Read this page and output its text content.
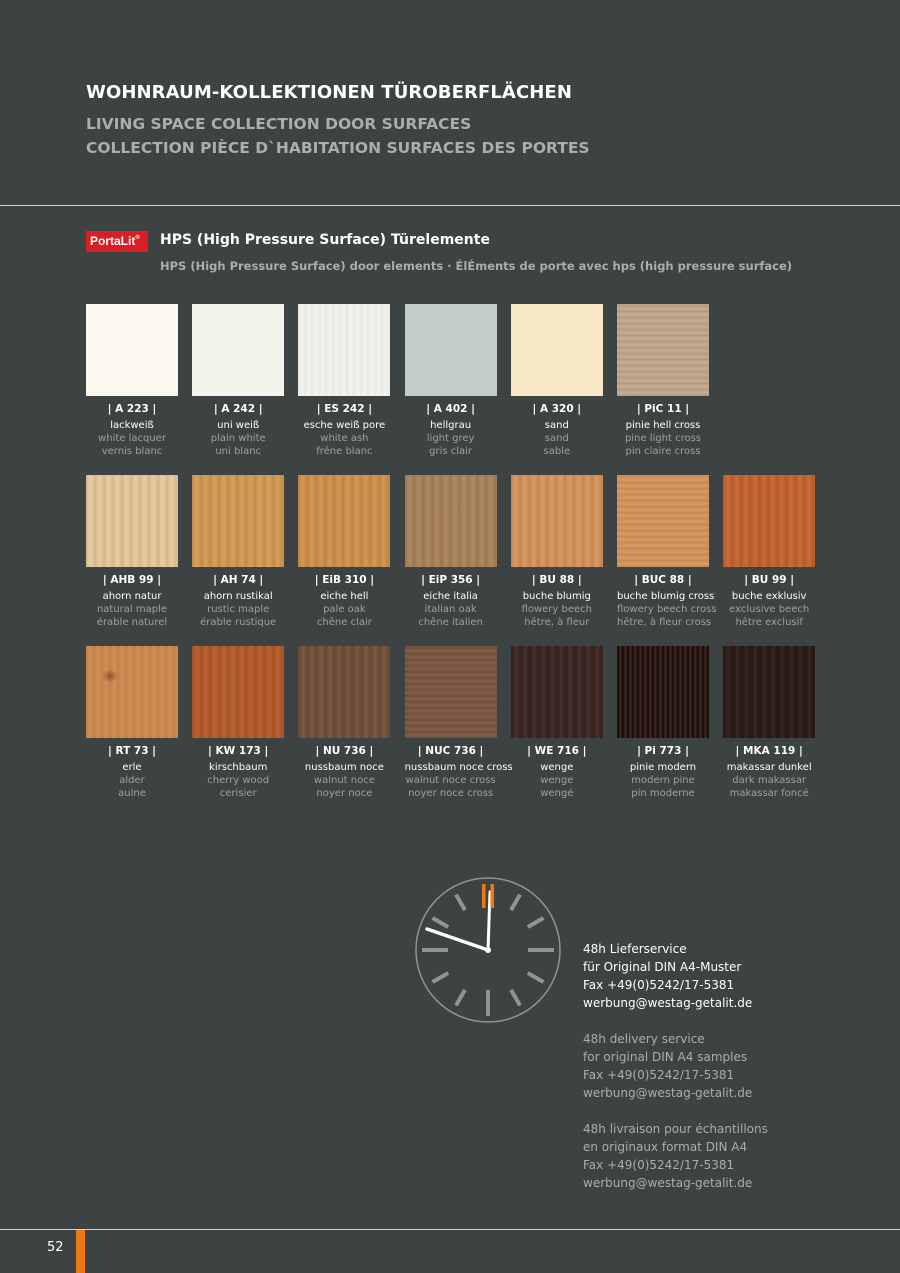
WOHNRAUM-KOLLEKTIONEN TÜROBERFLÄCHEN
LIVING SPACE COLLECTION DOOR SURFACES
COLLECTION PIÈCE D`HABITATION SURFACES DES PORTES
PortaLit®	HPS (High Pressure Surface) Türelemente
HPS (High Pressure Surface) door elements · ÉlÉments de porte avec hps (high pressure surface)
| A 223 |
lackweiß
white lacquer
vernis blanc
| A 242 |
uni weiß
plain white
uni blanc
| ES 242 |
esche weiß pore
white ash
frêne blanc
| A 402 |
hellgrau
light grey
gris clair
| A 320 |
sand
sand
sable
| PiC 11 |
pinie hell cross
pine light cross
pin claire cross
| AHB 99 |
ahorn natur
natural maple
érable naturel
| AH 74 |
ahorn rustikal
rustic maple
érable rustique
| EiB 310 |
eiche hell
pale oak
chêne clair
| EiP 356 |
eiche italia
italian oak
chêne italien
| BU 88 |
buche blumig
flowery beech
hêtre, à fleur
| BUC 88 |
buche blumig cross
flowery beech cross
hêtre, à fleur cross
| BU 99 |
buche exklusiv
exclusive beech
hêtre exclusif
| RT 73 |
erle
alder
aulne
| KW 173 |
kirschbaum
cherry wood
cerisier
| NU 736 |
nussbaum noce
walnut noce
noyer noce
| NUC 736 |
nussbaum noce cross
walnut noce cross
noyer noce cross
| WE 716 |
wenge
wenge
wengé
| Pi 773 |
pinie modern
modern pine
pin moderne
| MKA 119 |
makassar dunkel
dark makassar
makassar foncé
48h Lieferservice
für Original DIN A4-Muster
Fax +49(0)5242/17-5381
werbung@westag-getalit.de
48h delivery service
for original DIN A4 samples
Fax +49(0)5242/17-5381
werbung@westag-getalit.de
48h livraison pour échantillons
en originaux format DIN A4
Fax +49(0)5242/17-5381
werbung@westag-getalit.de
52
